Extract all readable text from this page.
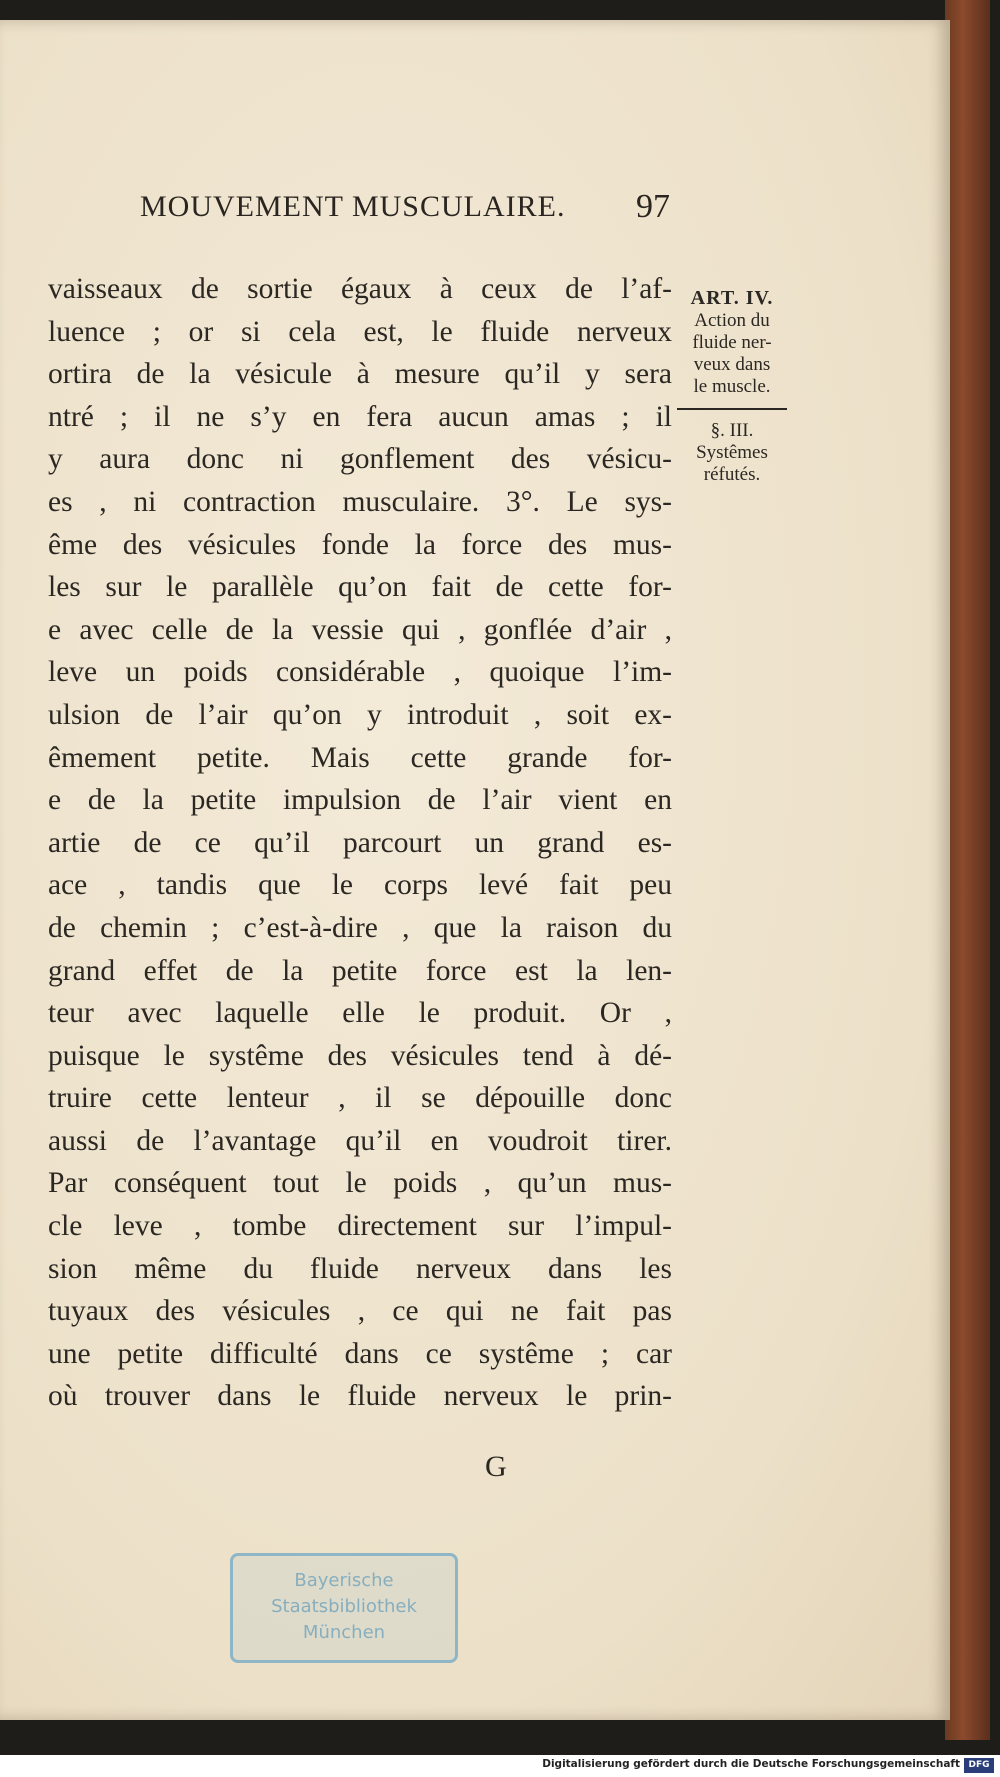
MOUVEMENT MUSCULAIRE. 97
vaisseaux de sortie égaux à ceux de l’af-
luence ; or si cela est, le fluide nerveux
ortira de la vésicule à mesure qu’il y sera
ntré ; il ne s’y en fera aucun amas ; il
y aura donc ni gonflement des vésicu-
es , ni contraction musculaire. 3°. Le sys-
ême des vésicules fonde la force des mus-
les sur le parallèle qu’on fait de cette for-
e avec celle de la vessie qui , gonflée d’air ,
leve un poids considérable , quoique l’im-
ulsion de l’air qu’on y introduit , soit ex-
êmement petite. Mais cette grande for-
e de la petite impulsion de l’air vient en
artie de ce qu’il parcourt un grand es-
ace , tandis que le corps levé fait peu
de chemin ; c’est-à-dire , que la raison du
grand effet de la petite force est la len-
teur avec laquelle elle le produit. Or ,
puisque le systême des vésicules tend à dé-
truire cette lenteur , il se dépouille donc
aussi de l’avantage qu’il en voudroit tirer.
Par conséquent tout le poids , qu’un mus-
cle leve , tombe directement sur l’impul-
sion même du fluide nerveux dans les
tuyaux des vésicules , ce qui ne fait pas
une petite difficulté dans ce systême ; car
où trouver dans le fluide nerveux le prin-
G
ART. IV.
Action du
fluide ner-
veux dans
le muscle.
§. III.
Systêmes
réfutés.
Bayerische
Staatsbibliothek
München
Digitalisierung gefördert durch die Deutsche Forschungsgemeinschaft DFG
